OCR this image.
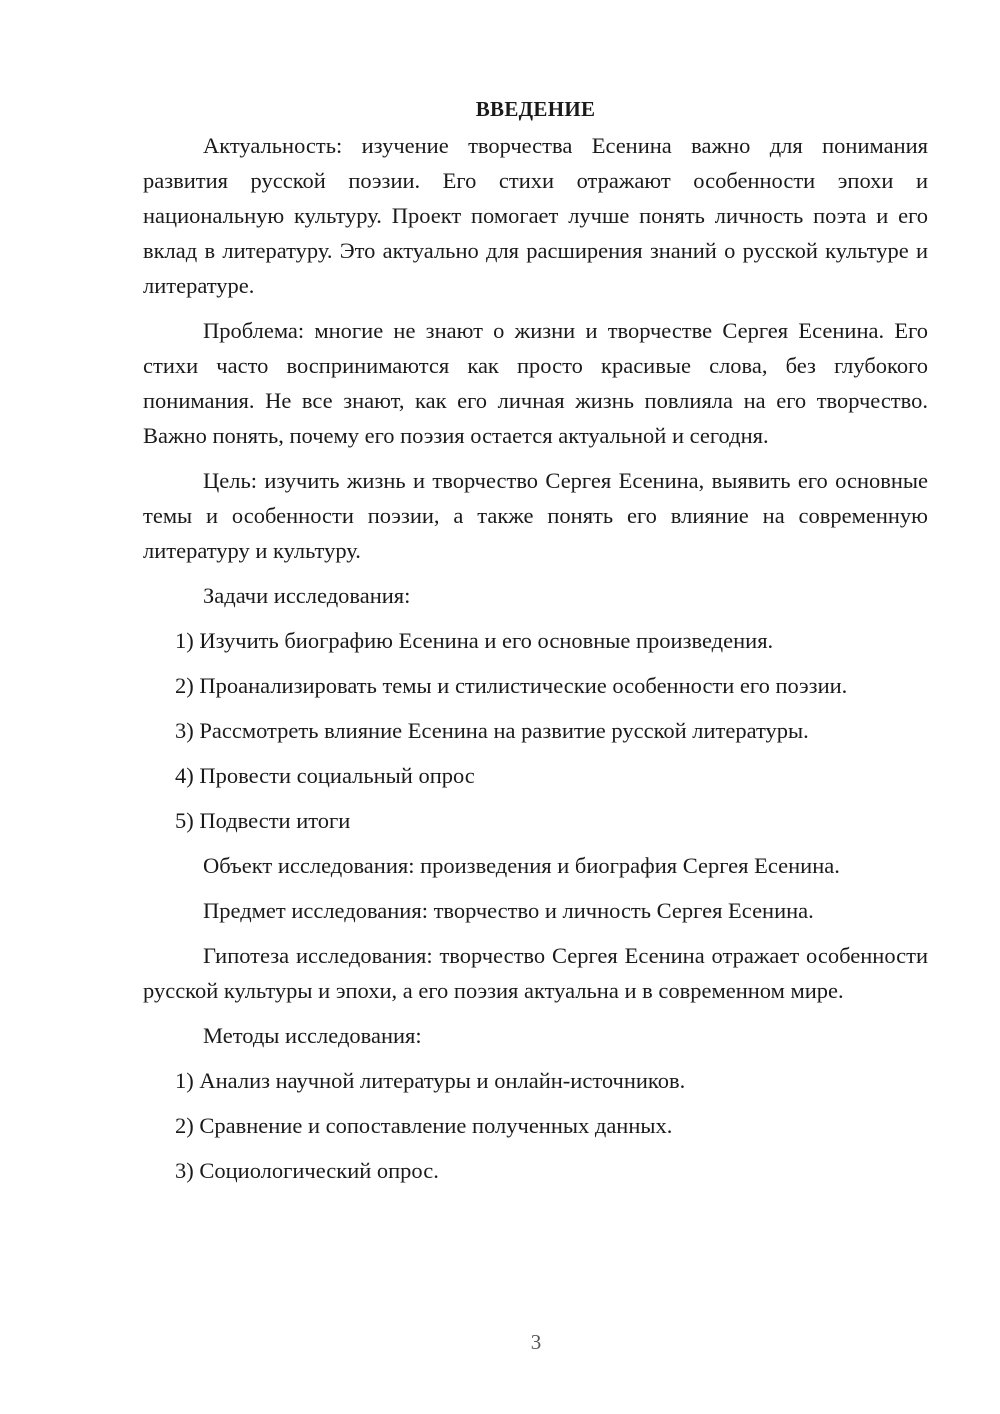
ВВЕДЕНИЕ

Актуальность: изучение творчества Есенина важно для понимания развития русской поэзии. Его стихи отражают особенности эпохи и национальную культуру. Проект помогает лучше понять личность поэта и его вклад в литературу. Это актуально для расширения знаний о русской культуре и литературе.

Проблема: многие не знают о жизни и творчестве Сергея Есенина. Его стихи часто воспринимаются как просто красивые слова, без глубокого понимания. Не все знают, как его личная жизнь повлияла на его творчество. Важно понять, почему его поэзия остается актуальной и сегодня.

Цель: изучить жизнь и творчество Сергея Есенина, выявить его основные темы и особенности поэзии, а также понять его влияние на современную литературу и культуру.

Задачи исследования:

1) Изучить биографию Есенина и его основные произведения.
2) Проанализировать темы и стилистические особенности его поэзии.
3) Рассмотреть влияние Есенина на развитие русской литературы.
4) Провести социальный опрос
5) Подвести итоги

Объект исследования: произведения и биография Сергея Есенина.

Предмет исследования: творчество и личность Сергея Есенина.

Гипотеза исследования: творчество Сергея Есенина отражает особенности русской культуры и эпохи, а его поэзия актуальна и в современном мире.

Методы исследования:

1) Анализ научной литературы и онлайн-источников.
2) Сравнение и сопоставление полученных данных.
3) Социологический опрос.
3
